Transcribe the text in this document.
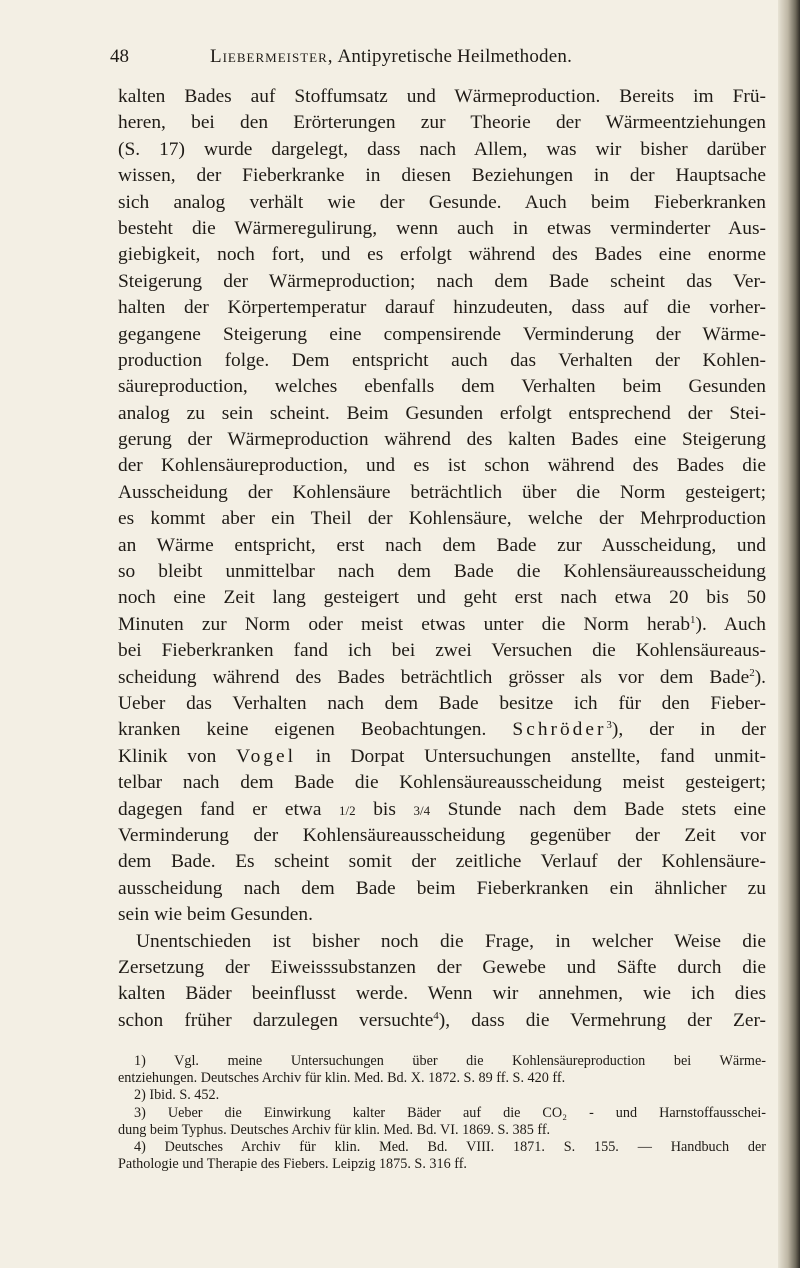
48	Liebermeister, Antipyretische Heilmethoden.
kalten Bades auf Stoffumsatz und Wärmeproduction. Bereits im Frü-
heren, bei den Erörterungen zur Theorie der Wärmeentziehungen
(S. 17) wurde dargelegt, dass nach Allem, was wir bisher darüber
wissen, der Fieberkranke in diesen Beziehungen in der Hauptsache
sich analog verhält wie der Gesunde. Auch beim Fieberkranken
besteht die Wärmeregulirung, wenn auch in etwas verminderter Aus-
giebigkeit, noch fort, und es erfolgt während des Bades eine enorme
Steigerung der Wärmeproduction; nach dem Bade scheint das Ver-
halten der Körpertemperatur darauf hinzudeuten, dass auf die vorher-
gegangene Steigerung eine compensirende Verminderung der Wärme-
production folge. Dem entspricht auch das Verhalten der Kohlen-
säureproduction, welches ebenfalls dem Verhalten beim Gesunden
analog zu sein scheint. Beim Gesunden erfolgt entsprechend der Stei-
gerung der Wärmeproduction während des kalten Bades eine Steigerung
der Kohlensäureproduction, und es ist schon während des Bades die
Ausscheidung der Kohlensäure beträchtlich über die Norm gesteigert;
es kommt aber ein Theil der Kohlensäure, welche der Mehrproduction
an Wärme entspricht, erst nach dem Bade zur Ausscheidung, und
so bleibt unmittelbar nach dem Bade die Kohlensäureausscheidung
noch eine Zeit lang gesteigert und geht erst nach etwa 20 bis 50
Minuten zur Norm oder meist etwas unter die Norm herab$^1$). Auch
bei Fieberkranken fand ich bei zwei Versuchen die Kohlensäureaus-
scheidung während des Bades beträchtlich grösser als vor dem Bade$^2$).
Ueber das Verhalten nach dem Bade besitze ich für den Fieber-
kranken keine eigenen Beobachtungen. Schröder$^3$), der in der
Klinik von Vogel in Dorpat Untersuchungen anstellte, fand unmit-
telbar nach dem Bade die Kohlensäureausscheidung meist gesteigert;
dagegen fand er etwa 1/2 bis 3/4 Stunde nach dem Bade stets eine
Verminderung der Kohlensäureausscheidung gegenüber der Zeit vor
dem Bade. Es scheint somit der zeitliche Verlauf der Kohlensäure-
ausscheidung nach dem Bade beim Fieberkranken ein ähnlicher zu
sein wie beim Gesunden.
Unentschieden ist bisher noch die Frage, in welcher Weise die
Zersetzung der Eiweisssubstanzen der Gewebe und Säfte durch die
kalten Bäder beeinflusst werde. Wenn wir annehmen, wie ich dies
schon früher darzulegen versuchte$^4$), dass die Vermehrung der Zer-
1) Vgl. meine Untersuchungen über die Kohlensäureproduction bei Wärme-
entziehungen. Deutsches Archiv für klin. Med. Bd. X. 1872. S. 89 ff. S. 420 ff.
2) Ibid. S. 452.
3) Ueber die Einwirkung kalter Bäder auf die CO₂ - und Harnstoffausschei-
dung beim Typhus. Deutsches Archiv für klin. Med. Bd. VI. 1869. S. 385 ff.
4) Deutsches Archiv für klin. Med. Bd. VIII. 1871. S. 155. — Handbuch der
Pathologie und Therapie des Fiebers. Leipzig 1875. S. 316 ff.
